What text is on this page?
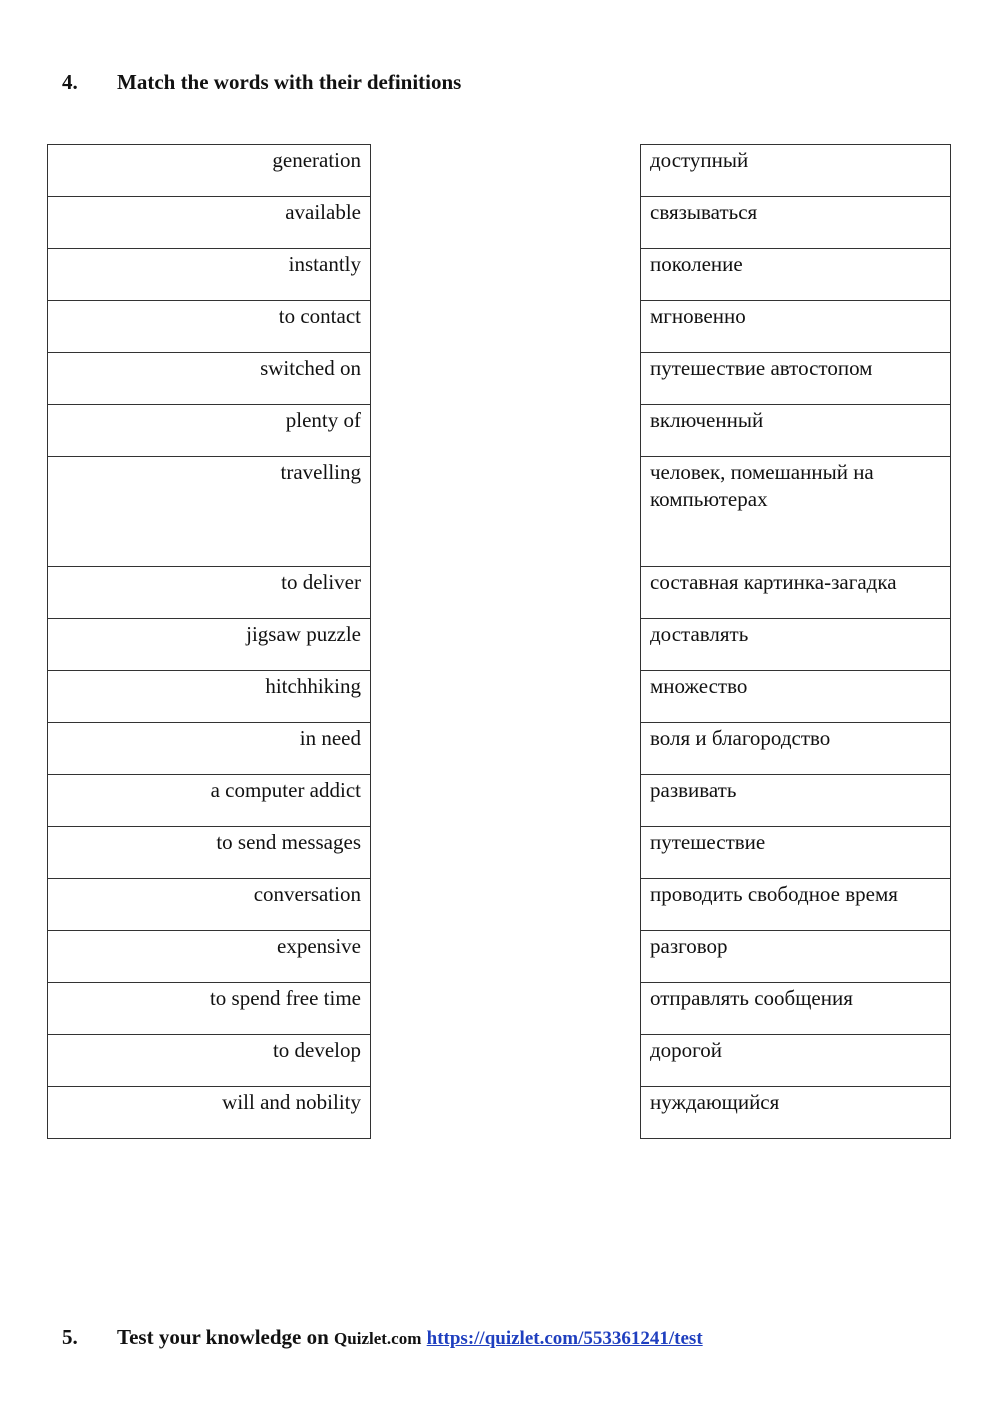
4. Match the words with their definitions
generation
available
instantly
to contact
switched on
plenty of
travelling
to deliver
jigsaw puzzle
hitchhiking
in need
a computer addict
to send messages
conversation
expensive
to spend free time
to develop
will and nobility
доступный
связываться
поколение
мгновенно
путешествие автостопом
включенный
человек, помешанный на компьютерах
составная картинка-загадка
доставлять
множество
воля и благородство
развивать
путешествие
проводить свободное время
разговор
отправлять сообщения
дорогой
нуждающийся
5. Test your knowledge on Quizlet.com https://quizlet.com/553361241/test
